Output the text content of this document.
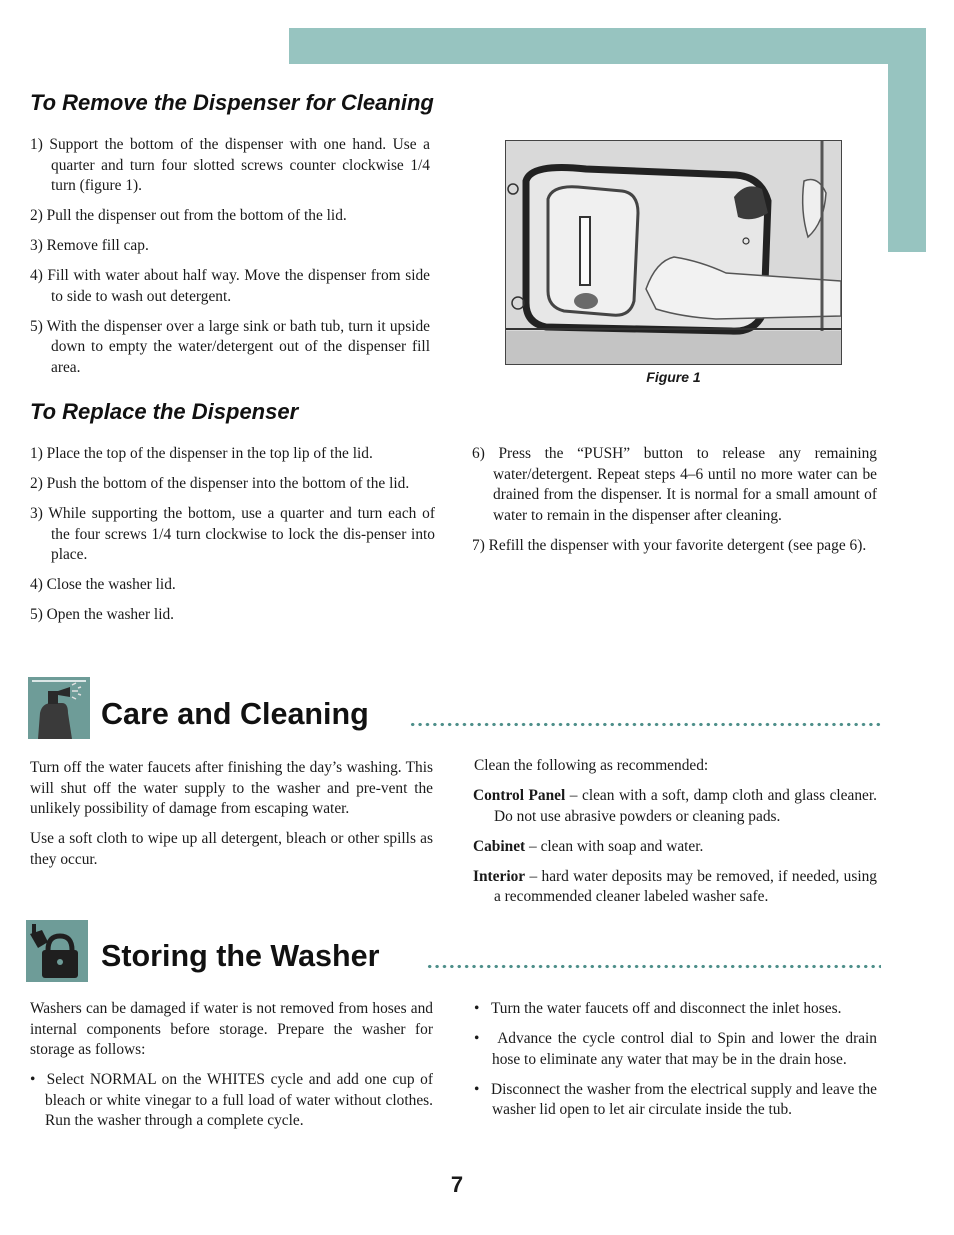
To Remove the Dispenser for Cleaning

1) Support the bottom of the dispenser with one hand. Use a quarter and turn four slotted screws counter clockwise 1/4 turn (figure 1).

2) Pull the dispenser out from the bottom of the lid.

3) Remove fill cap.

4) Fill with water about half way. Move the dispenser from side to side to wash out detergent.

5) With the dispenser over a large sink or bath tub, turn it upside down to empty the water/detergent out of the dispenser fill area.

Figure 1
To Replace the Dispenser

1) Place the top of the dispenser in the top lip of the lid.

2) Push the bottom of the dispenser into the bottom of the lid.

3) While supporting the bottom, use a quarter and turn each of the four screws 1/4 turn clockwise to lock the dis-penser into place.

4) Close the washer lid.

5) Open the washer lid.

6) Press the “PUSH” button to release any remaining water/detergent. Repeat steps 4–6 until no more water can be drained from the dispenser. It is normal for a small amount of water to remain in the dispenser after cleaning.

7) Refill the dispenser with your favorite detergent (see page 6).

Care and Cleaning

Turn off the water faucets after finishing the day’s washing. This will shut off the water supply to the washer and pre-vent the unlikely possibility of damage from escaping water.

Use a soft cloth to wipe up all detergent, bleach or other spills as they occur.

Clean the following as recommended:

Control Panel – clean with a soft, damp cloth and glass cleaner. Do not use abrasive powders or cleaning pads.

Cabinet – clean with soap and water.

Interior – hard water deposits may be removed, if needed, using a recommended cleaner labeled washer safe.

Storing the Washer

Washers can be damaged if water is not removed from hoses and internal components before storage. Prepare the washer for storage as follows:

•  Select NORMAL on the WHITES cycle and add one cup of bleach or white vinegar to a full load of water without clothes. Run the washer through a complete cycle.

•   Turn the water faucets off and disconnect the inlet hoses.

•   Advance the cycle control dial to Spin and lower the drain hose to eliminate any water that may be in the drain hose.

•   Disconnect the washer from the electrical supply and leave the washer lid open to let air circulate inside the tub.

7
